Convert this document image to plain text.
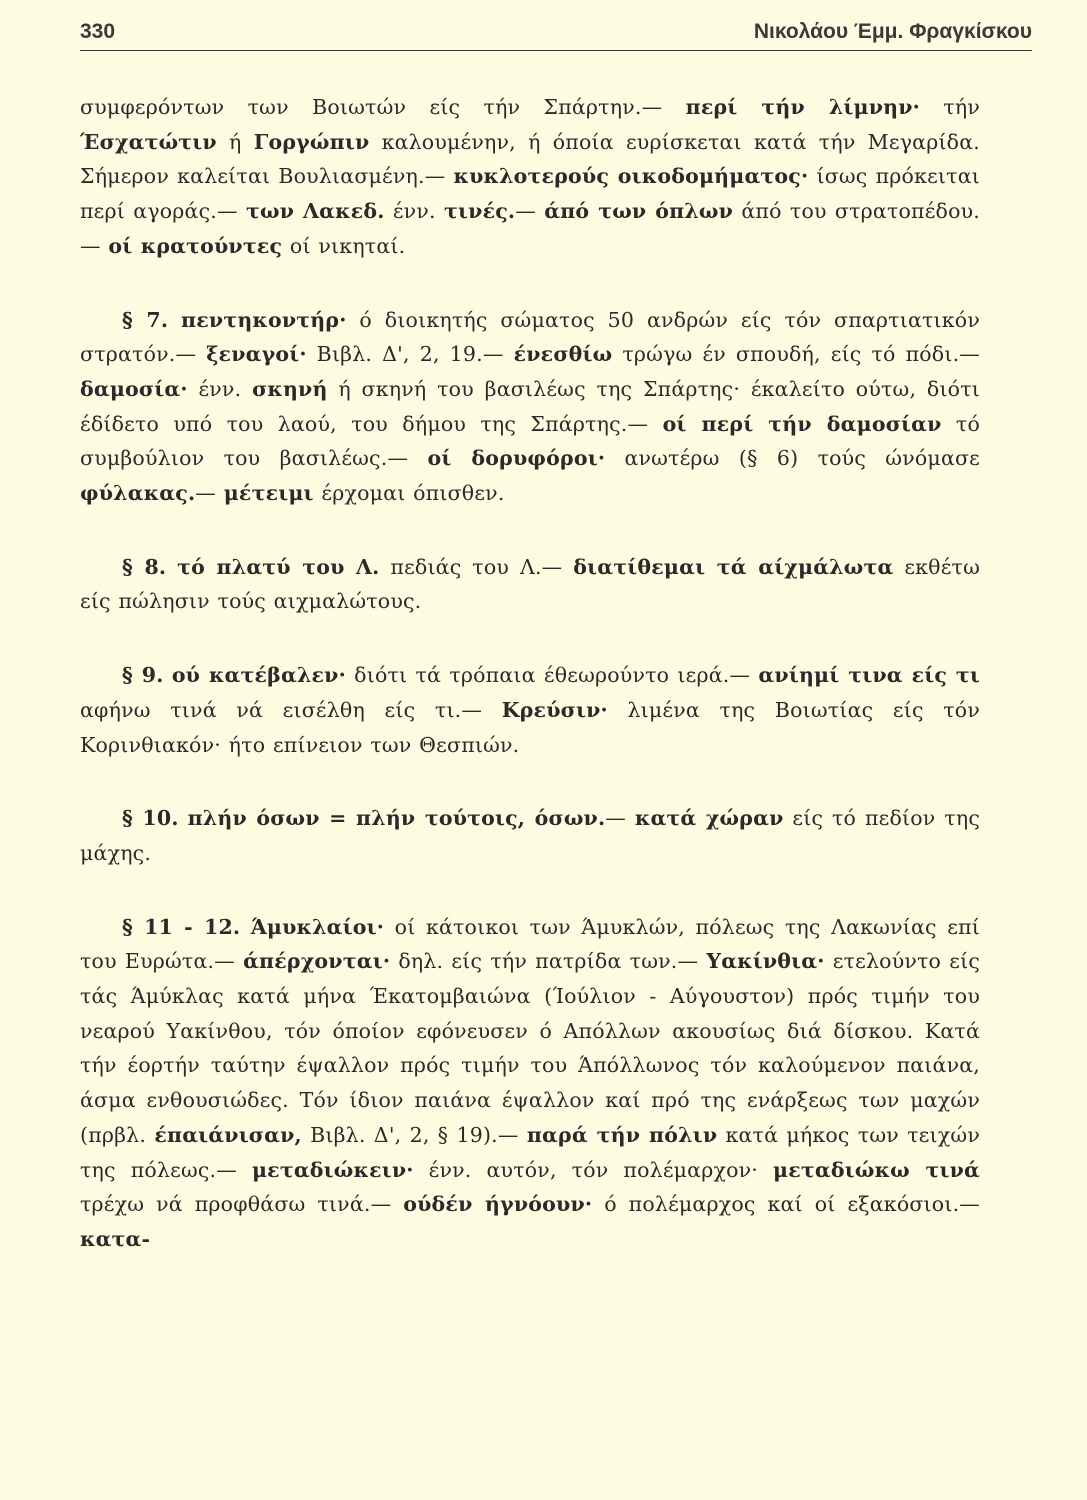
330	Νικολάου Έμμ. Φραγκίσκου

συμφερόντων των Βοιωτών είς τήν Σπάρτην.— περί τήν λίμνην· τήν Έσχατώτιν ή Γοργώπιν καλουμένην, ή όποία ευρίσκεται κατά τήν Μεγαρίδα. Σήμερον καλείται Βουλιασμένη.— κυκλοτερούς οικοδομήματος· ίσως πρόκειται περί αγοράς.— των Λακεδ. ένν. τινές.— άπό των όπλων άπό του στρατοπέδου.— οί κρατούντες οί νικηταί.

§ 7. πεντηκοντήρ· ό διοικητής σώματος 50 ανδρών είς τόν σπαρτιατικόν στρατόν.— ξεναγοί· Βιβλ. Δ', 2, 19.— ένεσθίω τρώγω έν σπουδή, είς τό πόδι.— δαμοσία· ένν. σκηνή ή σκηνή του βασιλέως της Σπάρτης· έκαλείτο ούτω, διότι έδίδετο υπό του λαού, του δήμου της Σπάρτης.— οί περί τήν δαμοσίαν τό συμβούλιον του βασιλέως.— οί δορυφόροι· ανωτέρω (§ 6) τούς ώνόμασε φύλακας.— μέτειμι έρχομαι όπισθεν.

§ 8. τό πλατύ του Λ. πεδιάς του Λ.— διατίθεμαι τά αίχμάλωτα εκθέτω είς πώλησιν τούς αιχμαλώτους.

§ 9. ού κατέβαλεν· διότι τά τρόπαια έθεωρούντο ιερά.— ανίημί τινα είς τι αφήνω τινά νά εισέλθη είς τι.— Κρεύσιν· λιμένα της Βοιωτίας είς τόν Κορινθιακόν· ήτο επίνειον των Θεσπιών.

§ 10. πλήν όσων = πλήν τούτοις, όσων.— κατά χώραν είς τό πεδίον της μάχης.

§ 11 - 12. Άμυκλαίοι· οί κάτοικοι των Άμυκλών, πόλεως της Λακωνίας επί του Ευρώτα.— άπέρχονται· δηλ. είς τήν πατρίδα των.— Υακίνθια· ετελούντο είς τάς Άμύκλας κατά μήνα Έκατομβαιώνα (Ίούλιον - Αύγουστον) πρός τιμήν του νεαρού Υακίνθου, τόν όποίον εφόνευσεν ό Απόλλων ακουσίως διά δίσκου. Κατά τήν έορτήν ταύτην έψαλλον πρός τιμήν του Άπόλλωνος τόν καλούμενον παιάνα, άσμα ενθουσιώδες. Τόν ίδιον παιάνα έψαλλον καί πρό της ενάρξεως των μαχών (πρβλ. έπαιάνισαν, Βιβλ. Δ', 2, § 19).— παρά τήν πόλιν κατά μήκος των τειχών της πόλεως.— μεταδιώκειν· ένν. αυτόν, τόν πολέμαρχον· μεταδιώκω τινά τρέχω νά προφθάσω τινά.— ούδέν ήγνόουν· ό πολέμαρχος καί οί εξακόσιοι.— κατα-
